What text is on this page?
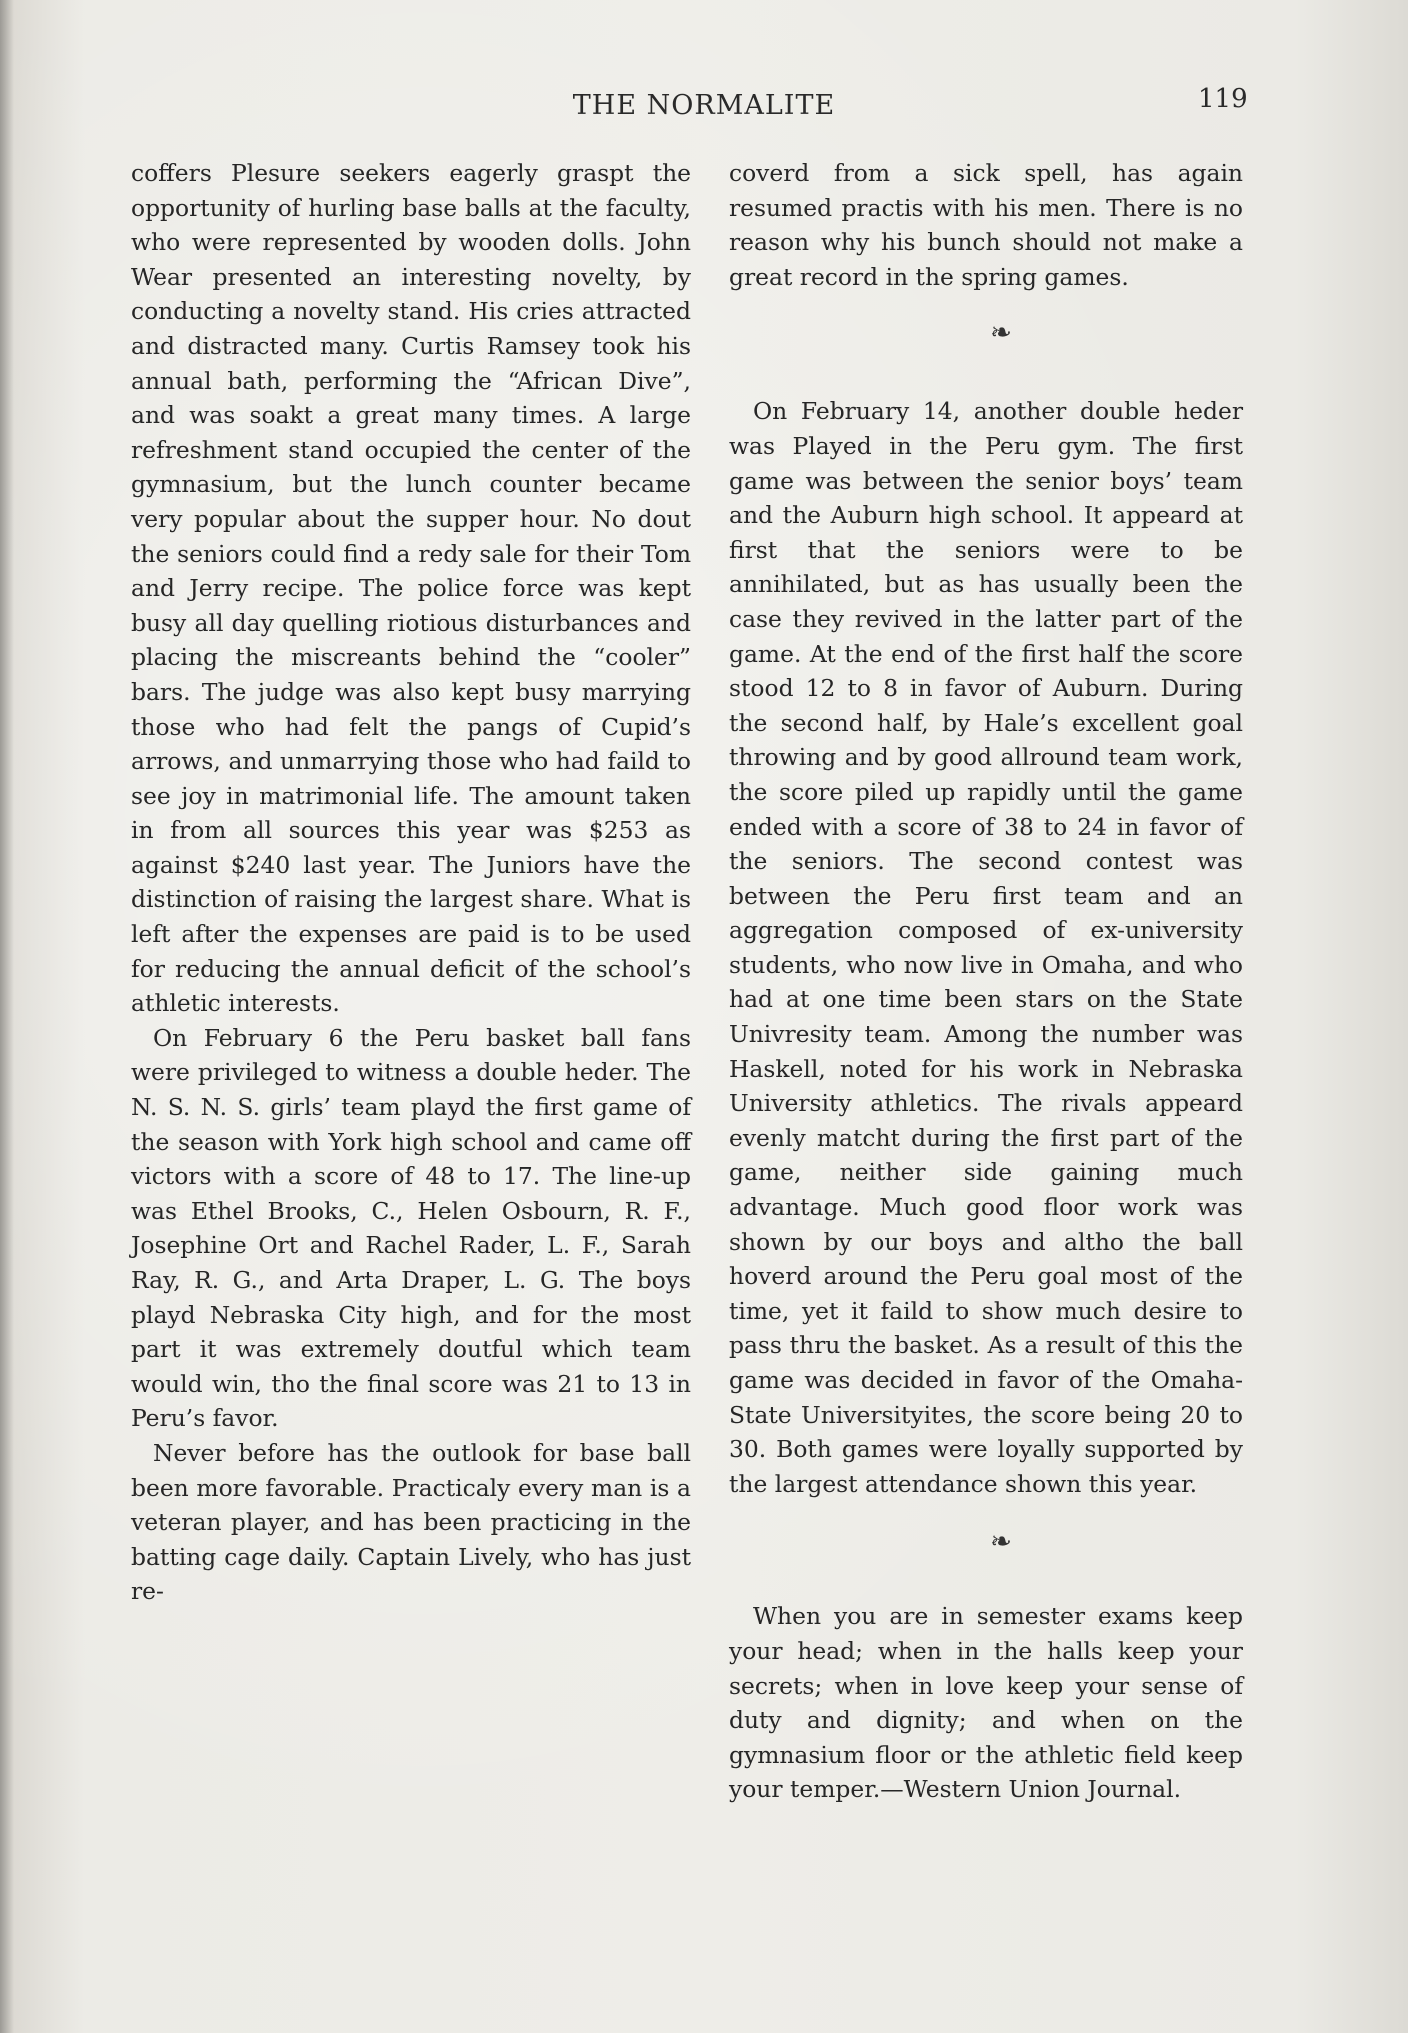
THE NORMALITE	119

coffers Plesure seekers eagerly graspt the opportunity of hurling base balls at the faculty, who were represented by wooden dolls. John Wear presented an interesting novelty, by conducting a novelty stand. His cries attracted and distracted many. Curtis Ramsey took his annual bath, performing the “African Dive”, and was soakt a great many times. A large refreshment stand occupied the center of the gymnasium, but the lunch counter became very popular about the supper hour. No dout the seniors could find a redy sale for their Tom and Jerry recipe. The police force was kept busy all day quelling riotious disturbances and placing the miscreants behind the “cooler” bars. The judge was also kept busy marrying those who had felt the pangs of Cupid’s arrows, and unmarrying those who had faild to see joy in matrimonial life. The amount taken in from all sources this year was $253 as against $240 last year. The Juniors have the distinction of raising the largest share. What is left after the expenses are paid is to be used for reducing the annual deficit of the school’s athletic interests.

On February 6 the Peru basket ball fans were privileged to witness a double heder. The N. S. N. S. girls’ team playd the first game of the season with York high school and came off victors with a score of 48 to 17. The line-up was Ethel Brooks, C., Helen Osbourn, R. F., Josephine Ort and Rachel Rader, L. F., Sarah Ray, R. G., and Arta Draper, L. G. The boys playd Nebraska City high, and for the most part it was extremely doutful which team would win, tho the final score was 21 to 13 in Peru’s favor.

Never before has the outlook for base ball been more favorable. Practicaly every man is a veteran player, and has been practicing in the batting cage daily. Captain Lively, who has just re-

coverd from a sick spell, has again resumed practis with his men. There is no reason why his bunch should not make a great record in the spring games.

❧

On February 14, another double heder was Played in the Peru gym. The first game was between the senior boys’ team and the Auburn high school. It appeard at first that the seniors were to be annihilated, but as has usually been the case they revived in the latter part of the game. At the end of the first half the score stood 12 to 8 in favor of Auburn. During the second half, by Hale’s excellent goal throwing and by good allround team work, the score piled up rapidly until the game ended with a score of 38 to 24 in favor of the seniors. The second contest was between the Peru first team and an aggregation composed of ex-university students, who now live in Omaha, and who had at one time been stars on the State Univresity team. Among the number was Haskell, noted for his work in Nebraska University athletics. The rivals appeard evenly matcht during the first part of the game, neither side gaining much advantage. Much good floor work was shown by our boys and altho the ball hoverd around the Peru goal most of the time, yet it faild to show much desire to pass thru the basket. As a result of this the game was decided in favor of the Omaha-State Universityites, the score being 20 to 30. Both games were loyally supported by the largest attendance shown this year.

❧

When you are in semester exams keep your head; when in the halls keep your secrets; when in love keep your sense of duty and dignity; and when on the gymnasium floor or the athletic field keep your temper.—Western Union Journal.
